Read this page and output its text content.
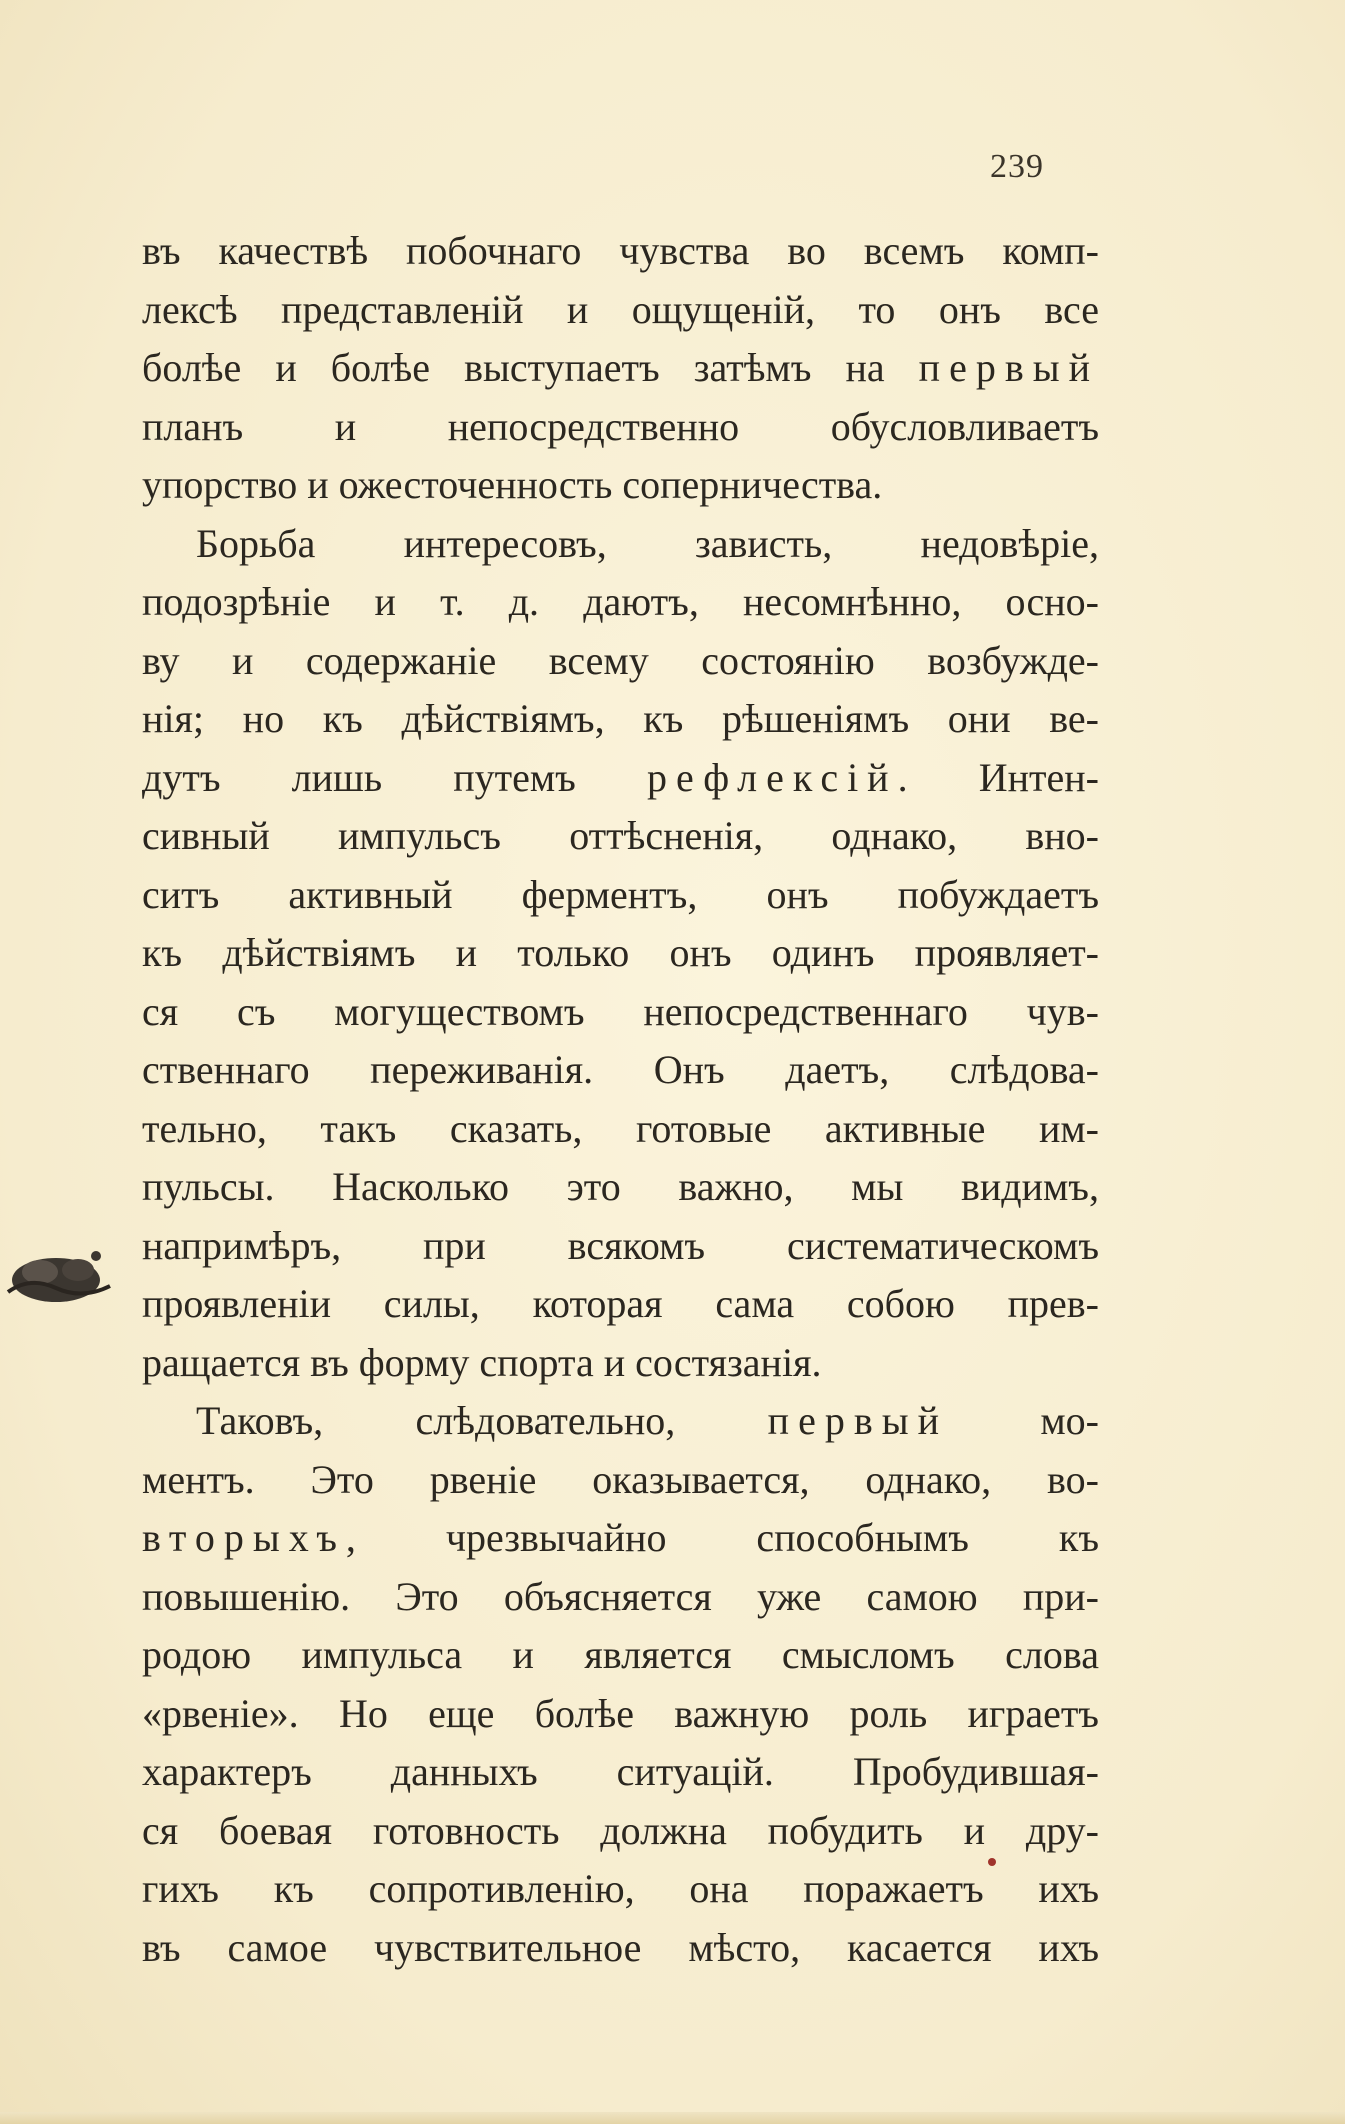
239
въ качествѣ побочнаго чувства во всемъ комп-
лексѣ представленій и ощущеній, то онъ все
болѣе и болѣе выступаетъ затѣмъ на первый
планъ и непосредственно обусловливаетъ
упорство и ожесточенность соперничества.
Борьба интересовъ, зависть, недовѣріе,
подозрѣніе и т. д. даютъ, несомнѣнно, осно-
ву и содержаніе всему состоянію возбужде-
нія; но къ дѣйствіямъ, къ рѣшеніямъ они ве-
дутъ лишь путемъ рефлексій. Интен-
сивный импульсъ оттѣсненія, однако, вно-
ситъ активный ферментъ, онъ побуждаетъ
къ дѣйствіямъ и только онъ одинъ проявляет-
ся съ могуществомъ непосредственнаго чув-
ственнаго переживанія. Онъ даетъ, слѣдова-
тельно, такъ сказать, готовые активные им-
пульсы. Насколько это важно, мы видимъ,
напримѣръ, при всякомъ систематическомъ
проявленіи силы, которая сама собою прев-
ращается въ форму спорта и состязанія.
Таковъ, слѣдовательно, первый мо-
ментъ. Это рвеніе оказывается, однако, во-
вторыхъ, чрезвычайно способнымъ къ
повышенію. Это объясняется уже самою при-
родою импульса и является смысломъ слова
«рвеніе». Но еще болѣе важную роль играетъ
характеръ данныхъ ситуацій. Пробудившая-
ся боевая готовность должна побудить и дру-
гихъ къ сопротивленію, она поражаетъ ихъ
въ самое чувствительное мѣсто, касается ихъ
